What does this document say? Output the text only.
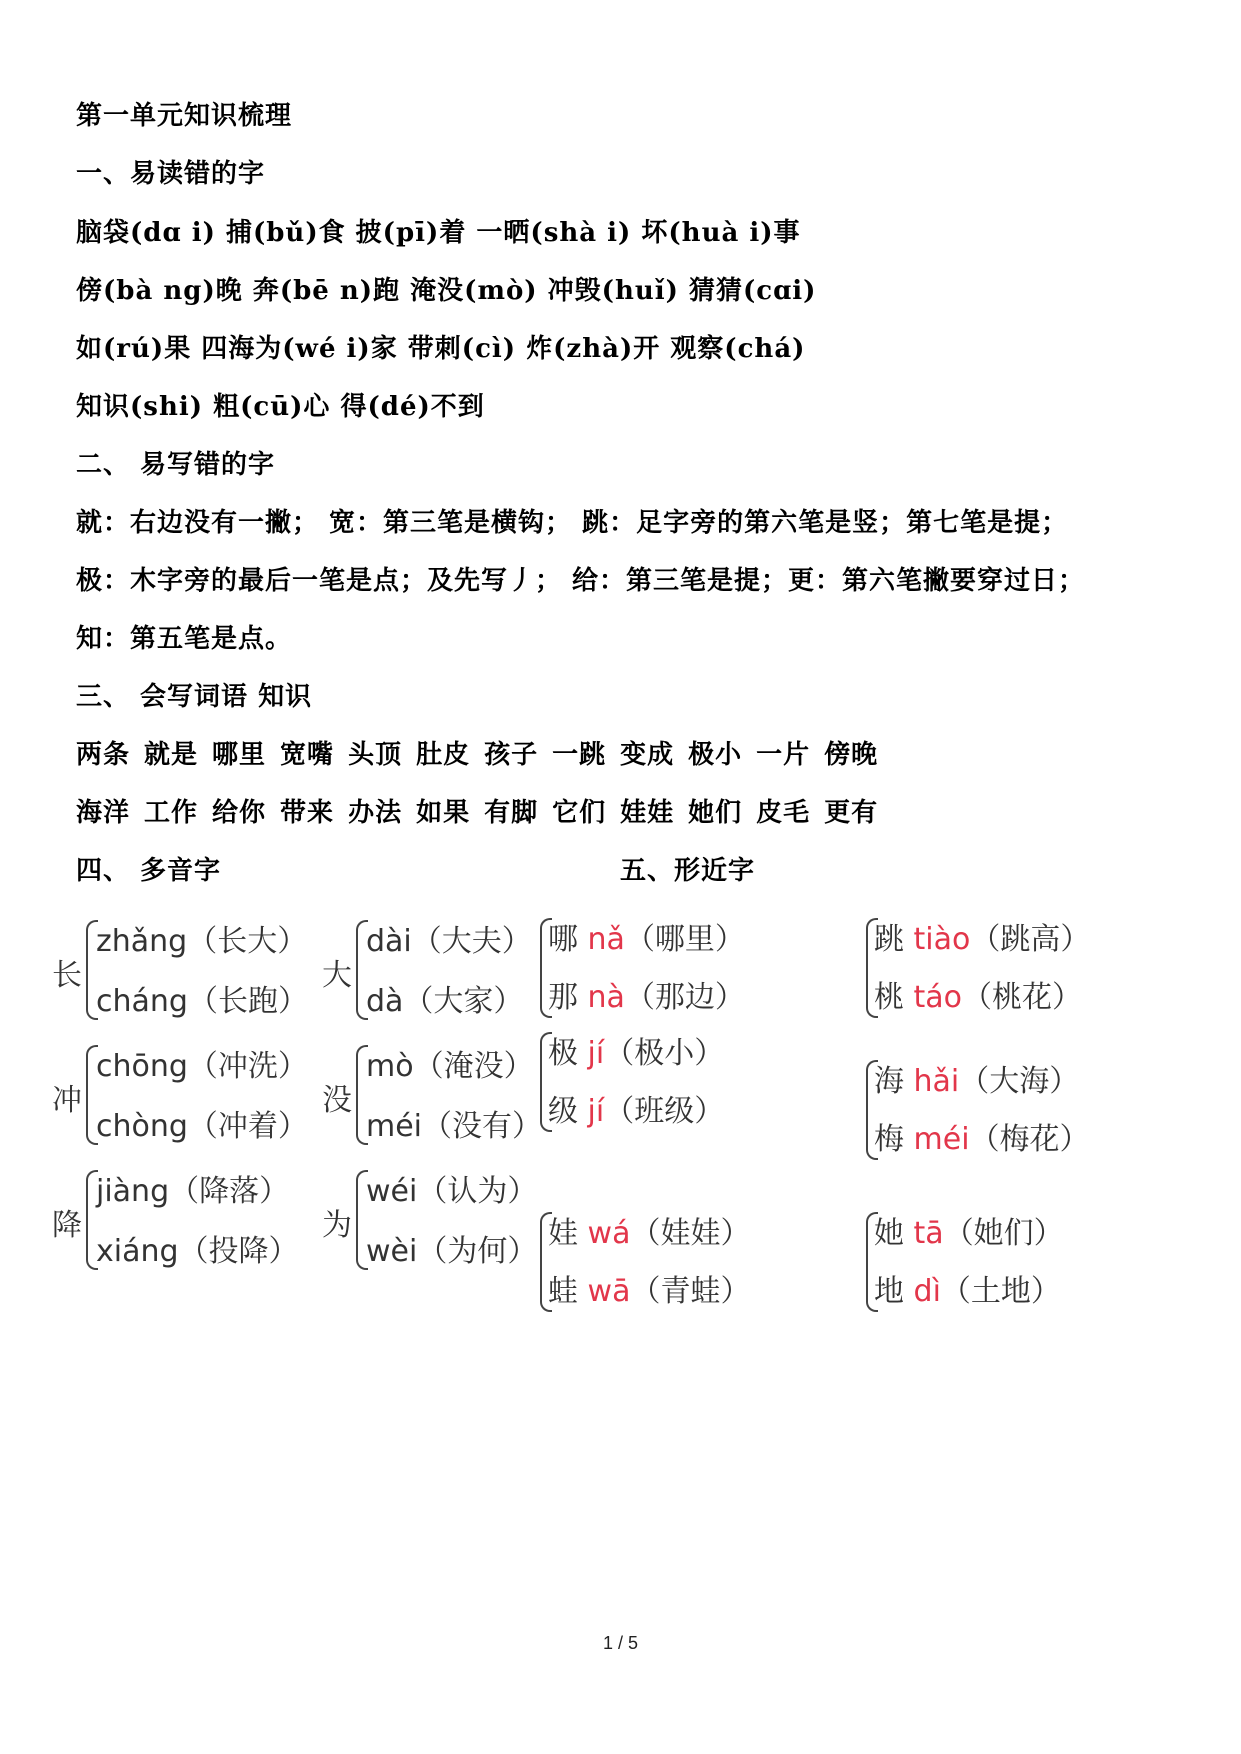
第一单元知识梳理
一、易读错的字
脑袋(dɑ i) 捕(bǔ)食 披(pī)着 一晒(shà i) 坏(huà i)事
傍(bà ng)晚 奔(bē n)跑 淹没(mò) 冲毁(huǐ) 猜猜(cɑi)
如(rú)果 四海为(wé i)家 带刺(cì) 炸(zhà)开 观察(chá)
知识(shi) 粗(cū)心 得(dé)不到
二、 易写错的字
就：右边没有一撇； 宽：第三笔是横钩； 跳：足字旁的第六笔是竖；第七笔是提；
极：木字旁的最后一笔是点；及先写丿； 给：第三笔是提；更：第六笔撇要穿过日；
知：第五笔是点。
三、 会写词语 知识
两条 就是 哪里 宽嘴 头顶 肚皮 孩子 一跳 变成 极小 一片 傍晚
海洋 工作 给你 带来 办法 如果 有脚 它们 娃娃 她们 皮毛 更有
四、 多音字	五、形近字
长
zhǎng（长大）
cháng（长跑）
冲
chōng（冲洗）
chòng（冲着）
降
jiàng（降落）
xiáng（投降）
大
dài（大夫）
dà（大家）
没
mò（淹没）
méi（没有）
为
wéi（认为）
wèi（为何）
哪 nǎ（哪里）
那 nà（那边）
极 jí（极小）
级 jí（班级）
娃 wá（娃娃）
蛙 wā（青蛙）
跳 tiào（跳高）
桃 táo（桃花）
海 hǎi（大海）
梅 méi（梅花）
她 tā（她们）
地 dì（土地）
1 / 5
